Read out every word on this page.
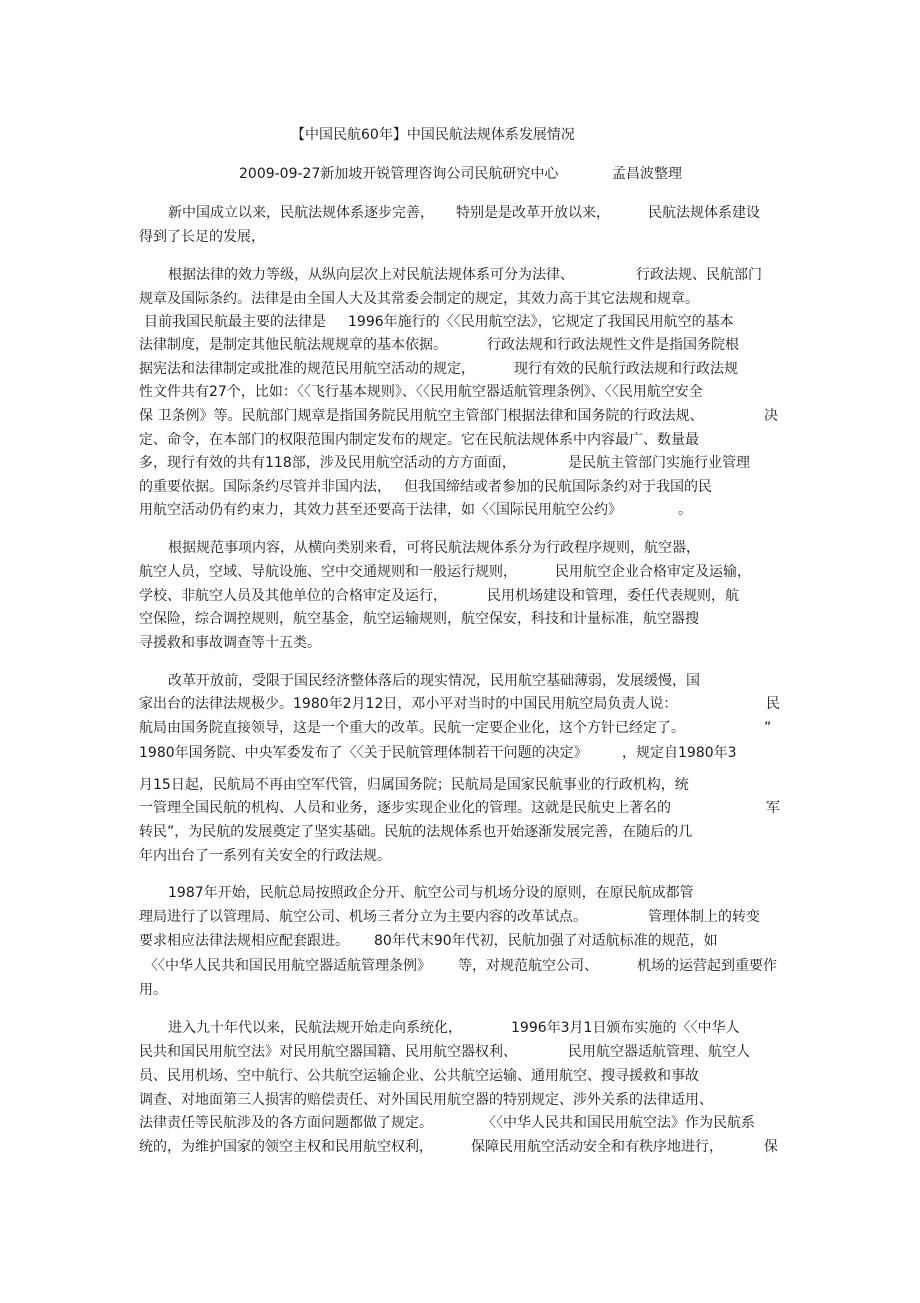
【中国民航60年】中国民航法规体系发展情况
2009-09-27新加坡开锐管理咨询公司民航研究中心	孟昌波整理
新中国成立以来，民航法规体系逐步完善， 特别是是改革开放以来，	民航法规体系建设
得到了长足的发展，
根据法律的效力等级，从纵向层次上对民航法规体系可分为法律、	行政法规、民航部门
规章及国际条约。法律是由全国人大及其常委会制定的规定，其效力高于其它法规和规章。
目前我国民航最主要的法律是 1996年施行的〈〈民用航空法》，它规定了我国民用航空的基本
法律制度，是制定其他民航法规规章的基本依据。	行政法规和行政法规性文件是指国务院根
据宪法和法律制定或批准的规范民用航空活动的规定，	现行有效的民航行政法规和行政法规
性文件共有27个，比如：〈〈飞行基本规则》、〈〈民用航空器适航管理条例》、〈〈民用航空安全
保 卫条例》等。民航部门规章是指国务院民用航空主管部门根据法律和国务院的行政法规、	决
定、命令，在本部门的权限范围内制定发布的规定。它在民航法规体系中内容最广、数量最
多，现行有效的共有118部，涉及民用航空活动的方方面面，	是民航主管部门实施行业管理
的重要依据。国际条约尽管并非国内法， 但我国缔结或者参加的民航国际条约对于我国的民
用航空活动仍有约束力，其效力甚至还要高于法律，如〈〈国际民用航空公约》	。
根据规范事项内容，从横向类别来看，可将民航法规体系分为行政程序规则，航空器，
航空人员，空域、导航设施、空中交通规则和一般运行规则，	民用航空企业合格审定及运输，
学校、非航空人员及其他单位的合格审定及运行，	民用机场建设和管理，委任代表规则，航
空保险，综合调控规则，航空基金，航空运输规则，航空保安，科技和计量标准，航空器搜
寻援救和事故调查等十五类。
改革开放前，受限于国民经济整体落后的现实情况，民用航空基础薄弱，发展缓慢，国
家出台的法律法规极少。1980年2月12日，邓小平对当时的中国民用航空局负责人说：	民
航局由国务院直接领导，这是一个重大的改革。民航一定要企业化，这个方针已经定了。	”
1980年国务院、中央军委发布了〈〈关于民航管理体制若干问题的决定》 ，规定自1980年3
月15日起，民航局不再由空军代管，归属国务院；民航局是国家民航事业的行政机构，统
一管理全国民航的机构、人员和业务，逐步实现企业化的管理。这就是民航史上著名的	军
转民”，为民航的发展奠定了坚实基础。民航的法规体系也开始逐渐发展完善，在随后的几
年内出台了一系列有关安全的行政法规。
1987年开始，民航总局按照政企分开、航空公司与机场分设的原则，在原民航成都管
理局进行了以管理局、航空公司、机场三者分立为主要内容的改革试点。	管理体制上的转变
要求相应法律法规相应配套跟进。 80年代末90年代初，民航加强了对适航标准的规范，如
〈〈中华人民共和国民用航空器适航管理条例》 等，对规范航空公司、	机场的运营起到重要作
用。
进入九十年代以来，民航法规开始走向系统化，	1996年3月1日颁布实施的〈〈中华人
民共和国民用航空法》对民用航空器国籍、民用航空器权利、	民用航空器适航管理、航空人
员、民用机场、空中航行、公共航空运输企业、公共航空运输、通用航空、搜寻援救和事故
调查、对地面第三人损害的赔偿责任、对外国民用航空器的特别规定、涉外关系的法律适用、
法律责任等民航涉及的各方面问题都做了规定。	〈〈中华人民共和国民用航空法》作为民航系
统的，为维护国家的领空主权和民用航空权利，	保障民用航空活动安全和有秩序地进行，	保
